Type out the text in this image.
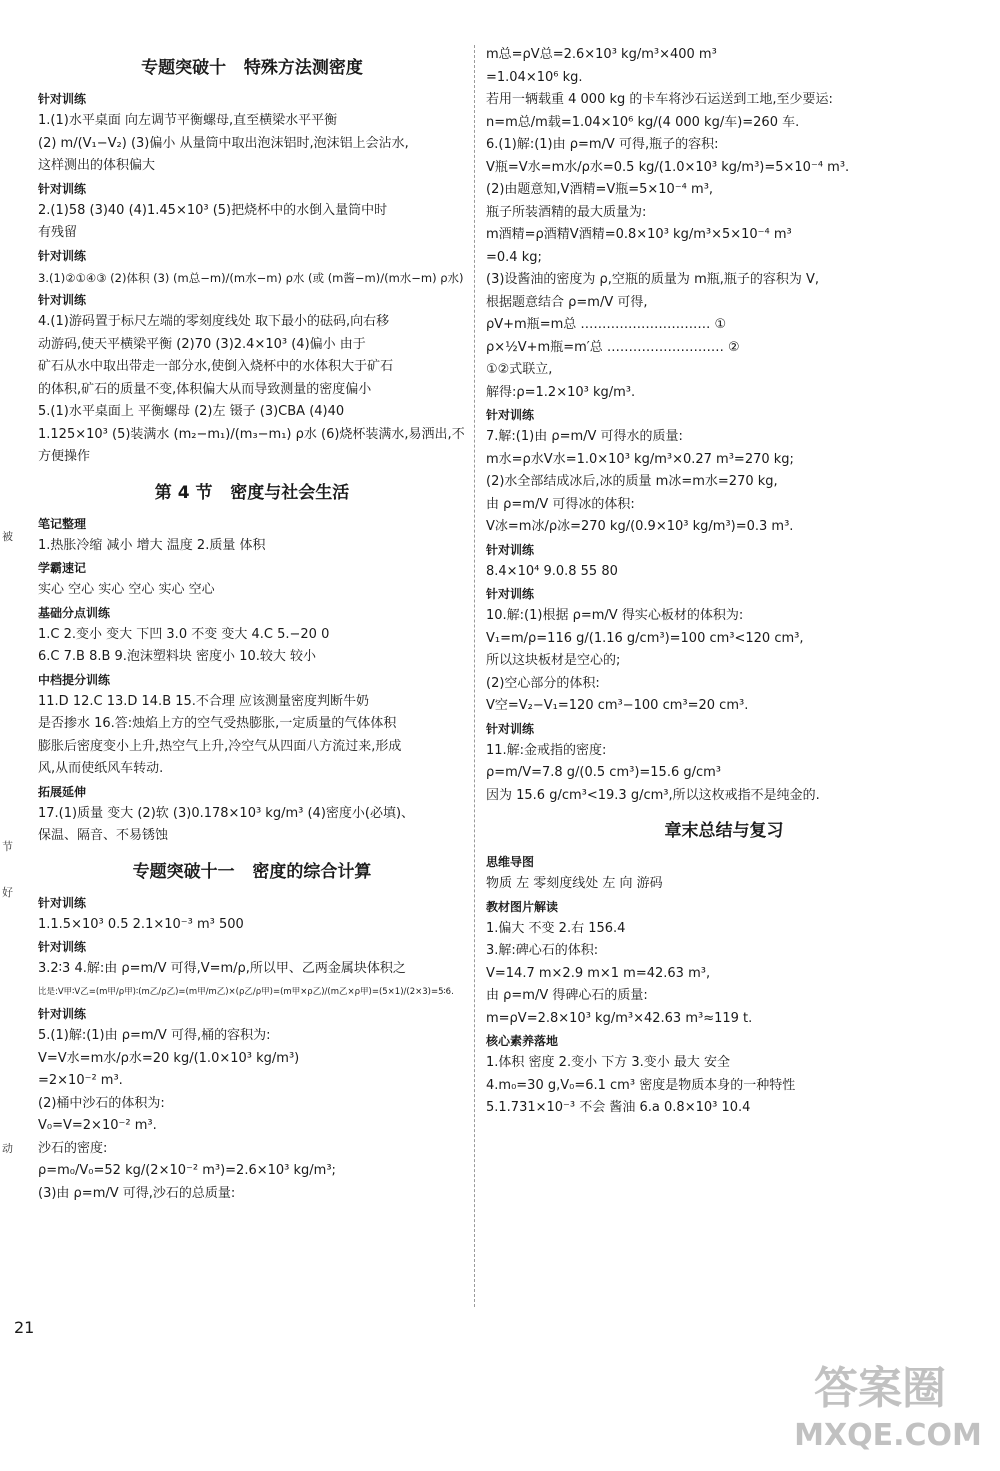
专题突破十   特殊方法测密度
针对训练
1.(1)水平桌面 向左调节平衡螺母,直至横梁水平平衡
(2) m/(V₁−V₂) (3)偏小 从量筒中取出泡沫铝时,泡沫铝上会沾水,
这样测出的体积偏大
针对训练
2.(1)58 (3)40 (4)1.45×10³ (5)把烧杯中的水倒入量筒中时
有残留
针对训练
3.(1)②①④③ (2)体积 (3) (m总−m)/(m水−m) ρ水 (或 (m酱−m)/(m水−m) ρ水)
针对训练
4.(1)游码置于标尺左端的零刻度线处 取下最小的砝码,向右移
动游码,使天平横梁平衡 (2)70 (3)2.4×10³ (4)偏小 由于
矿石从水中取出带走一部分水,使倒入烧杯中的水体积大于矿石
的体积,矿石的质量不变,体积偏大从而导致测量的密度偏小
5.(1)水平桌面上 平衡螺母 (2)左 镊子 (3)CBA (4)40
1.125×10³ (5)装满水 (m₂−m₁)/(m₃−m₁) ρ水 (6)烧杯装满水,易洒出,不
方便操作
第 4 节   密度与社会生活
笔记整理
1.热胀冷缩 减小 增大 温度 2.质量 体积
学霸速记
实心 空心 实心 空心 实心 空心
基础分点训练
1.C 2.变小 变大 下凹 3.0 不变 变大 4.C 5.−20 0
6.C 7.B 8.B 9.泡沫塑料块 密度小 10.较大 较小
中档提分训练
11.D 12.C 13.D 14.B 15.不合理 应该测量密度判断牛奶
是否掺水 16.答:烛焰上方的空气受热膨胀,一定质量的气体体积
膨胀后密度变小上升,热空气上升,冷空气从四面八方流过来,形成
风,从而使纸风车转动.
拓展延伸
17.(1)质量 变大 (2)软 (3)0.178×10³ kg/m³ (4)密度小(必填)、
保温、隔音、不易锈蚀
专题突破十一   密度的综合计算
针对训练
1.1.5×10³ 0.5 2.1×10⁻³ m³ 500
针对训练
3.2∶3 4.解:由 ρ=m/V 可得,V=m/ρ,所以甲、乙两金属块体积之
比是:V甲∶V乙=(m甲/ρ甲)∶(m乙/ρ乙)=(m甲/m乙)×(ρ乙/ρ甲)=(m甲×ρ乙)/(m乙×ρ甲)=(5×1)/(2×3)=5∶6.
针对训练
5.(1)解:(1)由 ρ=m/V 可得,桶的容积为:
V=V水=m水/ρ水=20 kg/(1.0×10³ kg/m³)
=2×10⁻² m³.
(2)桶中沙石的体积为:
V₀=V=2×10⁻² m³.
沙石的密度:
ρ=m₀/V₀=52 kg/(2×10⁻² m³)=2.6×10³ kg/m³;
(3)由 ρ=m/V 可得,沙石的总质量:
m总=ρV总=2.6×10³ kg/m³×400 m³
=1.04×10⁶ kg.
若用一辆载重 4 000 kg 的卡车将沙石运送到工地,至少要运:
n=m总/m载=1.04×10⁶ kg/(4 000 kg/车)=260 车.
6.(1)解:(1)由 ρ=m/V 可得,瓶子的容积:
V瓶=V水=m水/ρ水=0.5 kg/(1.0×10³ kg/m³)=5×10⁻⁴ m³.
(2)由题意知,V酒精=V瓶=5×10⁻⁴ m³,
瓶子所装酒精的最大质量为:
m酒精=ρ酒精V酒精=0.8×10³ kg/m³×5×10⁻⁴ m³
=0.4 kg;
(3)设酱油的密度为 ρ,空瓶的质量为 m瓶,瓶子的容积为 V,
根据题意结合 ρ=m/V 可得,
ρV+m瓶=m总 ………………………… ①
ρ×½V+m瓶=m′总 ……………………… ②
①②式联立,
解得:ρ=1.2×10³ kg/m³.
针对训练
7.解:(1)由 ρ=m/V 可得水的质量:
m水=ρ水V水=1.0×10³ kg/m³×0.27 m³=270 kg;
(2)水全部结成冰后,冰的质量 m冰=m水=270 kg,
由 ρ=m/V 可得冰的体积:
V冰=m冰/ρ冰=270 kg/(0.9×10³ kg/m³)=0.3 m³.
针对训练
8.4×10⁴ 9.0.8 55 80
针对训练
10.解:(1)根据 ρ=m/V 得实心板材的体积为:
V₁=m/ρ=116 g/(1.16 g/cm³)=100 cm³<120 cm³,
所以这块板材是空心的;
(2)空心部分的体积:
V空=V₂−V₁=120 cm³−100 cm³=20 cm³.
针对训练
11.解:金戒指的密度:
ρ=m/V=7.8 g/(0.5 cm³)=15.6 g/cm³
因为 15.6 g/cm³<19.3 g/cm³,所以这枚戒指不是纯金的.
章末总结与复习
思维导图
物质 左 零刻度线处 左 向 游码
教材图片解读
1.偏大 不变 2.右 156.4
3.解:碑心石的体积:
V=14.7 m×2.9 m×1 m=42.63 m³,
由 ρ=m/V 得碑心石的质量:
m=ρV=2.8×10³ kg/m³×42.63 m³≈119 t.
核心素养落地
1.体积 密度 2.变小 下方 3.变小 最大 安全
4.m₀=30 g,V₀=6.1 cm³ 密度是物质本身的一种特性
5.1.731×10⁻³ 不会 酱油 6.a 0.8×10³ 10.4
被
节
好
动
21
答案圈
MXQE.COM
